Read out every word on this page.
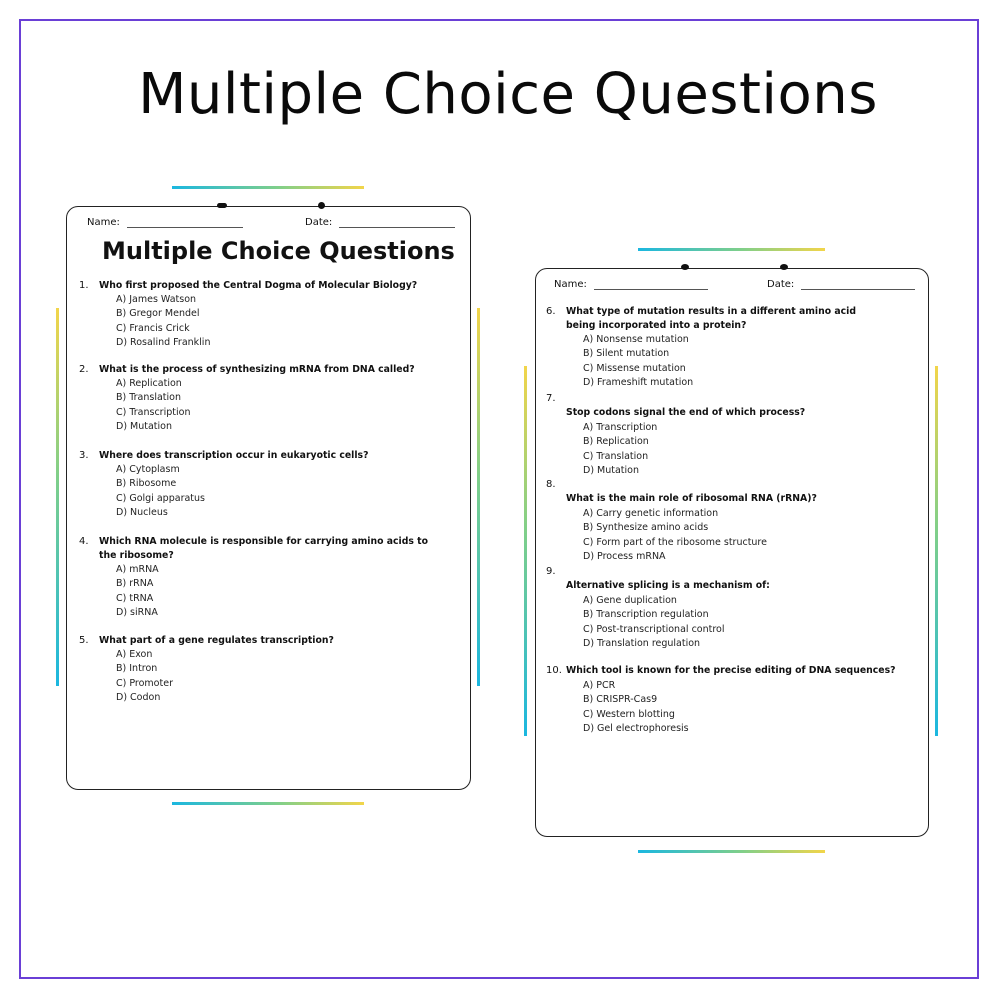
Multiple Choice Questions
Name:	Date:
Multiple Choice Questions
1. Who first proposed the Central Dogma of Molecular Biology?
A) James Watson
B) Gregor Mendel
C) Francis Crick
D) Rosalind Franklin
2. What is the process of synthesizing mRNA from DNA called?
A) Replication
B) Translation
C) Transcription
D) Mutation
3. Where does transcription occur in eukaryotic cells?
A) Cytoplasm
B) Ribosome
C) Golgi apparatus
D) Nucleus
4. Which RNA molecule is responsible for carrying amino acids to the ribosome?
A) mRNA
B) rRNA
C) tRNA
D) siRNA
5. What part of a gene regulates transcription?
A) Exon
B) Intron
C) Promoter
D) Codon
Name:	Date:
6. What type of mutation results in a different amino acid being incorporated into a protein?
A) Nonsense mutation
B) Silent mutation
C) Missense mutation
D) Frameshift mutation
7.
Stop codons signal the end of which process?
A) Transcription
B) Replication
C) Translation
D) Mutation
8.
What is the main role of ribosomal RNA (rRNA)?
A) Carry genetic information
B) Synthesize amino acids
C) Form part of the ribosome structure
D) Process mRNA
9.
Alternative splicing is a mechanism of:
A) Gene duplication
B) Transcription regulation
C) Post-transcriptional control
D) Translation regulation
10. Which tool is known for the precise editing of DNA sequences?
A) PCR
B) CRISPR-Cas9
C) Western blotting
D) Gel electrophoresis
